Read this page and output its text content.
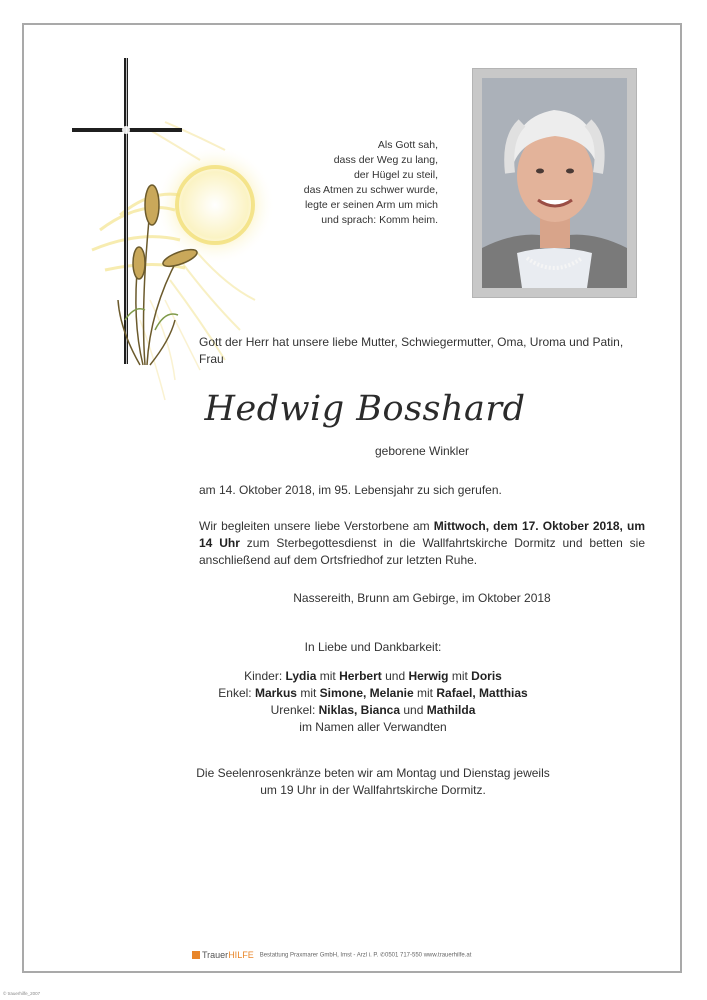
Als Gott sah,
dass der Weg zu lang,
der Hügel zu steil,
das Atmen zu schwer wurde,
legte er seinen Arm um mich
und sprach: Komm heim.
Gott der Herr hat unsere liebe Mutter, Schwiegermutter, Oma, Uroma und Patin, Frau
Hedwig Bosshard
geborene Winkler
am 14. Oktober 2018, im 95. Lebensjahr zu sich gerufen.
Wir begleiten unsere liebe Verstorbene am Mittwoch, dem 17. Oktober 2018, um 14 Uhr zum Sterbegottesdienst in die Wallfahrtskirche Dormitz und betten sie anschließend auf dem Ortsfriedhof zur letzten Ruhe.
Nassereith, Brunn am Gebirge, im Oktober 2018
In Liebe und Dankbarkeit:
Kinder: Lydia mit Herbert und Herwig mit Doris
Enkel: Markus mit Simone, Melanie mit Rafael, Matthias
Urenkel: Niklas, Bianca und Mathilda
im Namen aller Verwandten
Die Seelenrosenkränze beten wir am Montag und Dienstag jeweils
um 19 Uhr in der Wallfahrtskirche Dormitz.
TrauerHILFE Bestattung Praxmarer GmbH, Imst - Arzl i. P. ✆0501 717-550 www.trauerhilfe.at
© trauerhilfe_2007
